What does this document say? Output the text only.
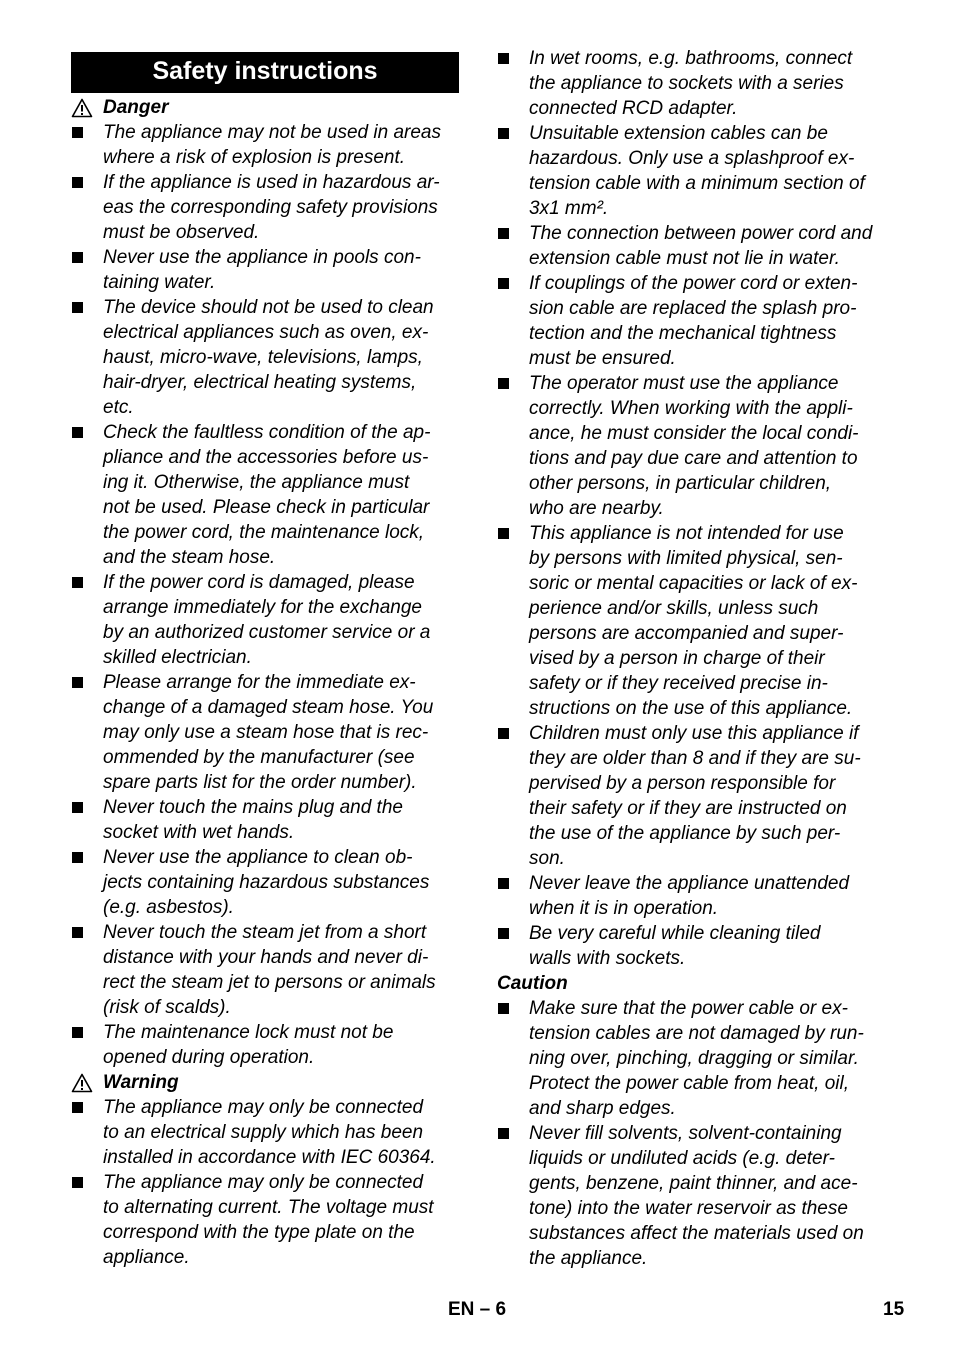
Safety instructions
Danger
The appliance may not be used in areas
where a risk of explosion is present.
If the appliance is used in hazardous ar-
eas the corresponding safety provisions
must be observed.
Never use the appliance in pools con-
taining water.
The device should not be used to clean
electrical appliances such as oven, ex-
haust, micro-wave, televisions, lamps,
hair-dryer, electrical heating systems,
etc.
Check the faultless condition of the ap-
pliance and the accessories before us-
ing it. Otherwise, the appliance must
not be used. Please check in particular
the power cord, the maintenance lock,
and the steam hose.
If the power cord is damaged, please
arrange immediately for the exchange
by an authorized customer service or a
skilled electrician.
Please arrange for the immediate ex-
change of a damaged steam hose. You
may only use a steam hose that is rec-
ommended by the manufacturer (see
spare parts list for the order number).
Never touch the mains plug and the
socket with wet hands.
Never use the appliance to clean ob-
jects containing hazardous substances
(e.g. asbestos).
Never touch the steam jet from a short
distance with your hands and never di-
rect the steam jet to persons or animals
(risk of scalds).
The maintenance lock must not be
opened during operation.
Warning
The appliance may only be connected
to an electrical supply which has been
installed in accordance with IEC 60364.
The appliance may only be connected
to alternating current. The voltage must
correspond with the type plate on the
appliance.
In wet rooms, e.g. bathrooms, connect
the appliance to sockets with a series
connected RCD adapter.
Unsuitable extension cables can be
hazardous. Only use a splashproof ex-
tension cable with a minimum section of
3x1 mm².
The connection between power cord and
extension cable must not lie in water.
If couplings of the power cord or exten-
sion cable are replaced the splash pro-
tection and the mechanical tightness
must be ensured.
The operator must use the appliance
correctly. When working with the appli-
ance, he must consider the local condi-
tions and pay due care and attention to
other persons, in particular children,
who are nearby.
This appliance is not intended for use
by persons with limited physical, sen-
soric or mental capacities or lack of ex-
perience and/or skills, unless such
persons are accompanied and super-
vised by a person in charge of their
safety or if they received precise in-
structions on the use of this appliance.
Children must only use this appliance if
they are older than 8 and if they are su-
pervised by a person responsible for
their safety or if they are instructed on
the use of the appliance by such per-
son.
Never leave the appliance unattended
when it is in operation.
Be very careful while cleaning tiled
walls with sockets.
Caution
Make sure that the power cable or ex-
tension cables are not damaged by run-
ning over, pinching, dragging or similar.
Protect the power cable from heat, oil,
and sharp edges.
Never fill solvents, solvent-containing
liquids or undiluted acids (e.g. deter-
gents, benzene, paint thinner, and ace-
tone) into the water reservoir as these
substances affect the materials used on
the appliance.
EN – 6	15
